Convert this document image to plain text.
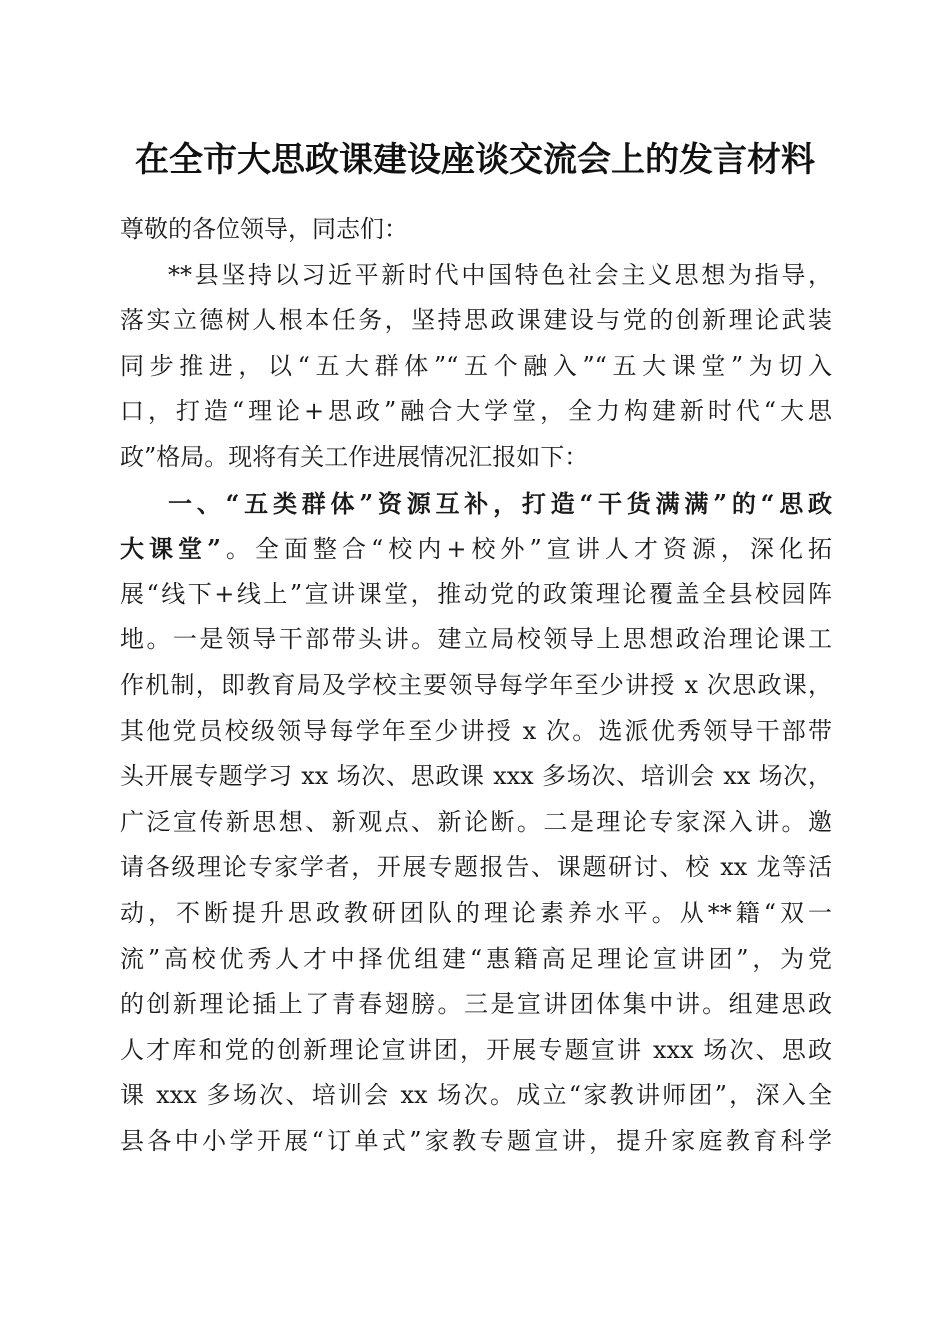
在全市大思政课建设座谈交流会上的发言材料
尊敬的各位领导，同志们：
**县坚持以习近平新时代中国特色社会主义思想为指导，
落实立德树人根本任务，坚持思政课建设与党的创新理论武装
同步推进，以“五大群体”“五个融入”“五大课堂”为切入
口，打造“理论+思政”融合大学堂，全力构建新时代“大思
政”格局。现将有关工作进展情况汇报如下：
一、“五类群体”资源互补，打造“干货满满”的“思政
大课堂”。全面整合“校内+校外”宣讲人才资源，深化拓
展“线下+线上”宣讲课堂，推动党的政策理论覆盖全县校园阵
地。一是领导干部带头讲。建立局校领导上思想政治理论课工
作机制，即教育局及学校主要领导每学年至少讲授 x 次思政课，
其他党员校级领导每学年至少讲授 x 次。选派优秀领导干部带
头开展专题学习 xx 场次、思政课 xxx 多场次、培训会 xx 场次，
广泛宣传新思想、新观点、新论断。二是理论专家深入讲。邀
请各级理论专家学者，开展专题报告、课题研讨、校 xx 龙等活
动，不断提升思政教研团队的理论素养水平。从**籍“双一
流”高校优秀人才中择优组建“惠籍高足理论宣讲团”，为党
的创新理论插上了青春翅膀。三是宣讲团体集中讲。组建思政
人才库和党的创新理论宣讲团，开展专题宣讲 xxx 场次、思政
课 xxx 多场次、培训会 xx 场次。成立“家教讲师团”，深入全
县各中小学开展“订单式”家教专题宣讲，提升家庭教育科学
